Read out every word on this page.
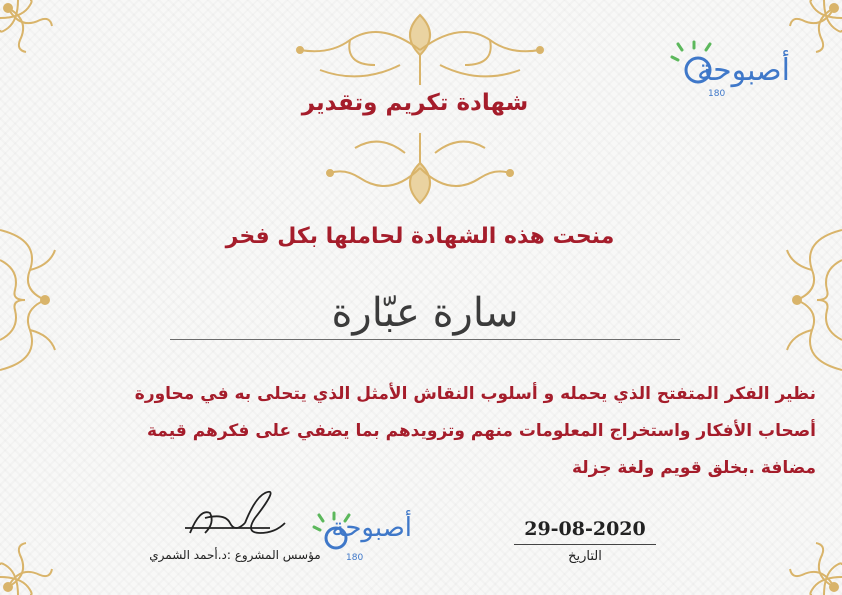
شهادة تكريم وتقدير
أصبوحة
180
منحت هذه الشهادة لحاملها بكل فخر
سارة عبّارة
نظير الفكر المتفتح الذي يحمله و أسلوب النقاش الأمثل الذي يتحلى به في محاورة أصحاب الأفكار واستخراج المعلومات منهم وتزويدهم بما يضفي على فكرهم قيمة مضافة .بخلق قويم ولغة جزلة
أصبوحة
180
مؤسس المشروع :د.أحمد الشمري
29-08-2020
التاريخ
